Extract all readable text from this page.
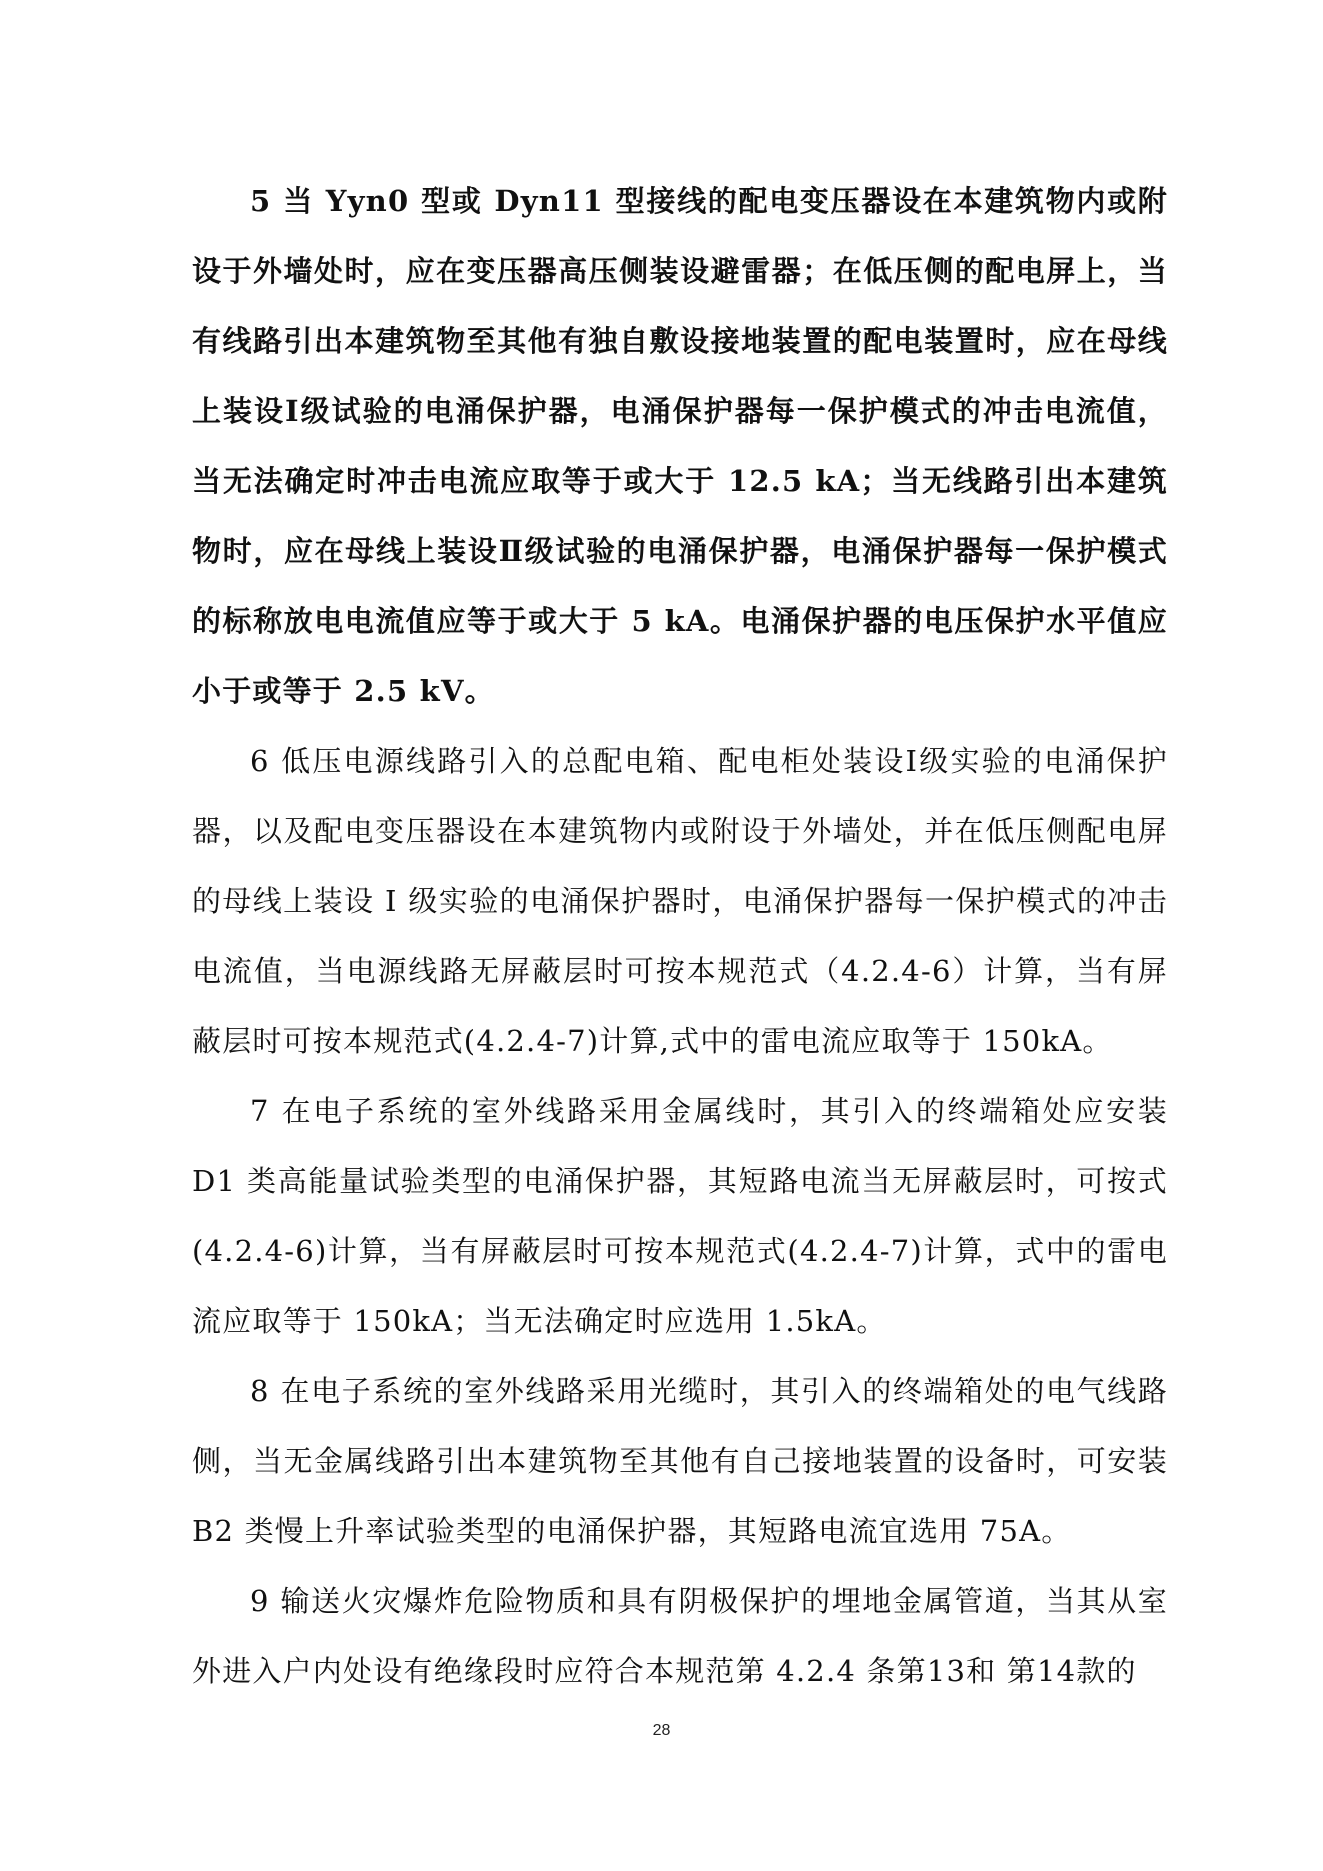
5 当 Yyn0 型或 Dyn11 型接线的配电变压器设在本建筑物内或附设于外墙处时，应在变压器高压侧装设避雷器；在低压侧的配电屏上，当有线路引出本建筑物至其他有独自敷设接地装置的配电装置时，应在母线上装设Ⅰ级试验的电涌保护器，电涌保护器每一保护模式的冲击电流值，当无法确定时冲击电流应取等于或大于 12.5 kA；当无线路引出本建筑物时，应在母线上装设Ⅱ级试验的电涌保护器，电涌保护器每一保护模式的标称放电电流值应等于或大于 5 kA。电涌保护器的电压保护水平值应小于或等于 2.5 kV。

6 低压电源线路引入的总配电箱、配电柜处装设Ⅰ级实验的电涌保护器，以及配电变压器设在本建筑物内或附设于外墙处，并在低压侧配电屏的母线上装设 Ⅰ 级实验的电涌保护器时，电涌保护器每一保护模式的冲击电流值，当电源线路无屏蔽层时可按本规范式（4.2.4-6）计算，当有屏蔽层时可按本规范式(4.2.4-7)计算,式中的雷电流应取等于 150kA。

7 在电子系统的室外线路采用金属线时，其引入的终端箱处应安装 D1 类高能量试验类型的电涌保护器，其短路电流当无屏蔽层时，可按式(4.2.4-6)计算，当有屏蔽层时可按本规范式(4.2.4-7)计算，式中的雷电流应取等于 150kA；当无法确定时应选用 1.5kA。

8 在电子系统的室外线路采用光缆时，其引入的终端箱处的电气线路侧，当无金属线路引出本建筑物至其他有自己接地装置的设备时，可安装 B2 类慢上升率试验类型的电涌保护器，其短路电流宜选用 75A。

9 输送火灾爆炸危险物质和具有阴极保护的埋地金属管道，当其从室外进入户内处设有绝缘段时应符合本规范第 4.2.4 条第13和 第14款的

28
